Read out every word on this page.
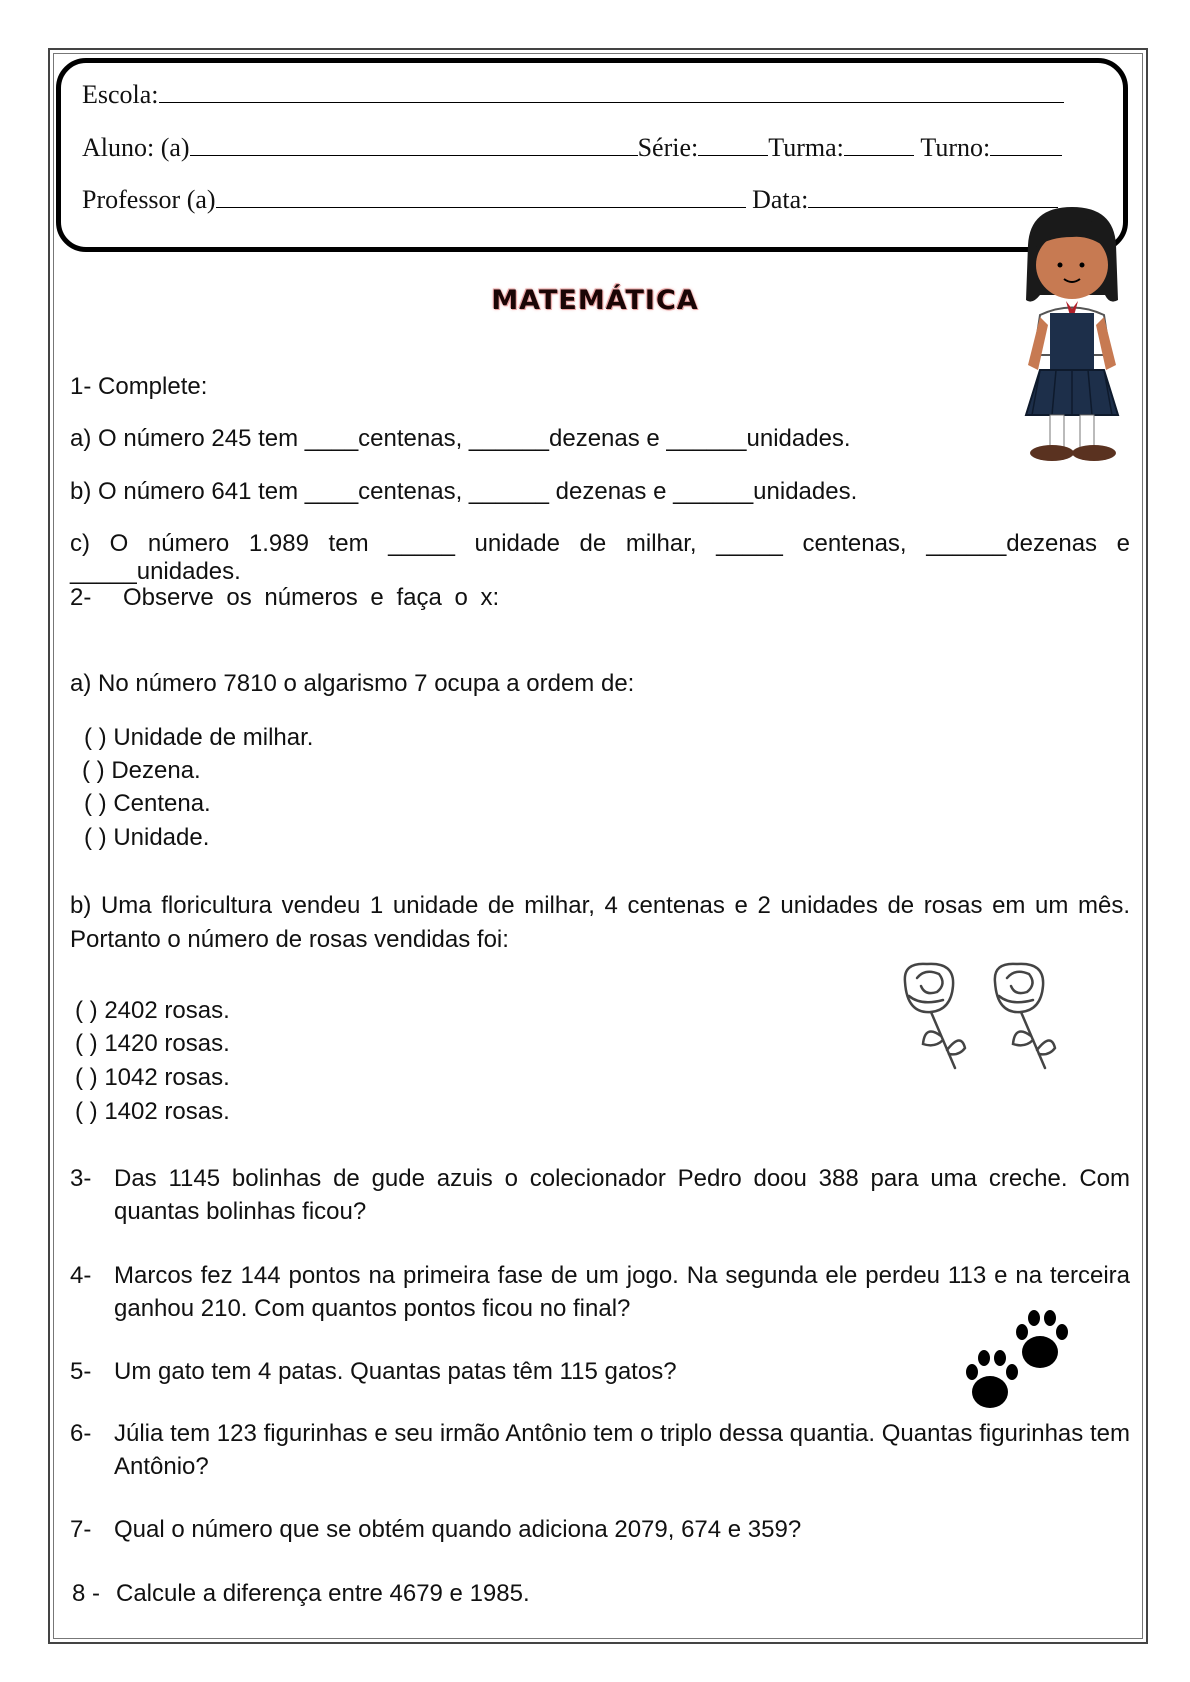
Escola:
Aluno: (a)	Série:	Turma:	Turno:
Professor (a)	Data:
MATEMÁTICA
1- Complete:
a) O número 245 tem ____centenas, ______dezenas e ______unidades.
b) O número 641 tem ____centenas, ______ dezenas e ______unidades.
c) O número 1.989 tem _____ unidade de milhar, _____ centenas, ______dezenas e _____unidades.
2- Observe os números e faça o x:
a) No número 7810 o algarismo 7 ocupa a ordem de:
( ) Unidade de milhar.
( ) Dezena.
( ) Centena.
( ) Unidade.
b) Uma floricultura vendeu 1 unidade de milhar, 4 centenas e 2 unidades de rosas em um mês.
Portanto o número de rosas vendidas foi:
( ) 2402 rosas.
( ) 1420 rosas.
( ) 1042 rosas.
( ) 1402 rosas.
3- Das 1145 bolinhas de gude azuis o colecionador Pedro doou 388 para uma creche. Com quantas bolinhas ficou?
4- Marcos fez 144 pontos na primeira fase de um jogo. Na segunda ele perdeu 113 e na terceira ganhou 210. Com quantos pontos ficou no final?
5- Um gato tem 4 patas. Quantas patas têm 115 gatos?
6- Júlia tem 123 figurinhas e seu irmão Antônio tem o triplo dessa quantia. Quantas figurinhas tem Antônio?
7- Qual o número que se obtém quando adiciona 2079, 674 e 359?
8 - Calcule a diferença entre 4679 e 1985.
